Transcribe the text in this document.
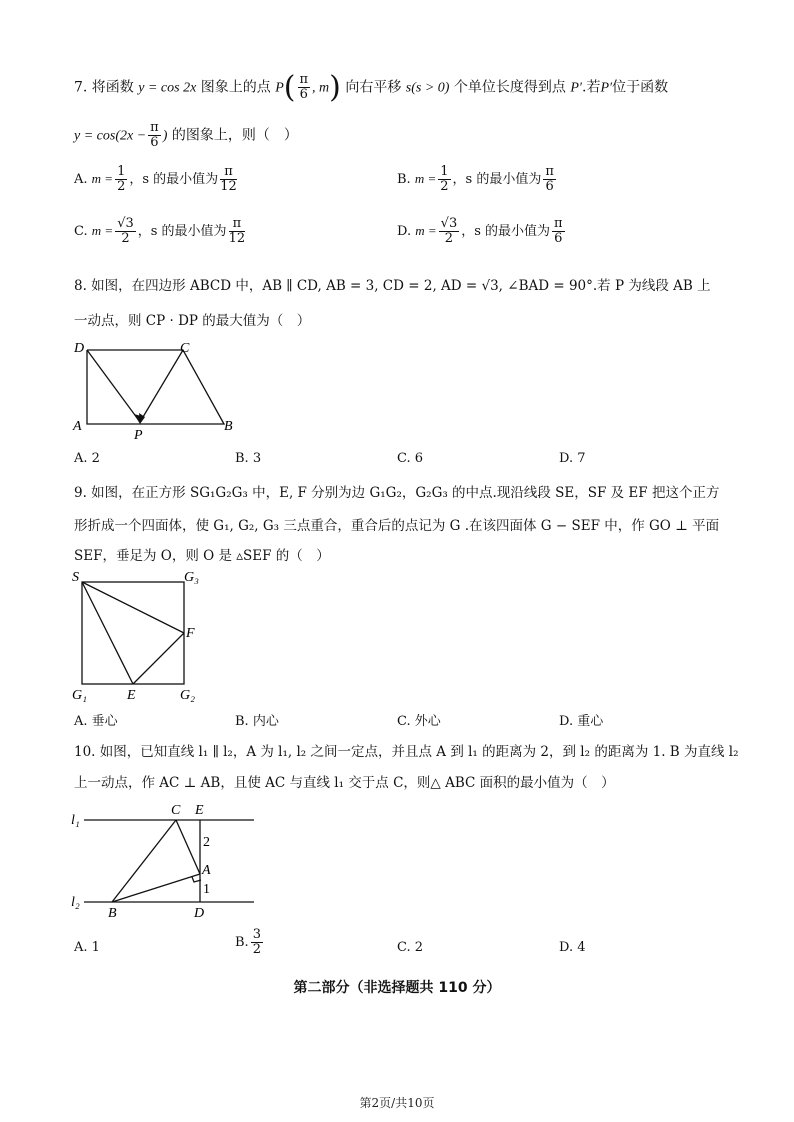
7. 将函数 y = cos 2x 图象上的点 $P( \frac{\pi}{6}$ , m) 向右平移 s(s > 0) 个单位长度得到点 P′.若P′位于函数
$y = \cos(2x - \frac{\pi}{6}$ ) 的图象上，则（　）
A. $m = \frac{1}{2}$ ，s 的最小值为 $\frac{\pi}{12}$	B. $m = \frac{1}{2}$ ，s 的最小值为 $\frac{\pi}{6}$
C. $m = \frac{√3}{2}$ ，s 的最小值为 $\frac{\pi}{12}$	D. $m = \frac{√3}{2}$ ，s 的最小值为 $\frac{\pi}{6}$
8. 如图，在四边形 ABCD 中，AB ∥ CD, AB = 3, CD = 2, AD = √3, ∠BAD = 90°.若 P 为线段 AB 上
一动点，则 CP · DP 的最大值为（　）
D	C
A	B
P
A. 2	B. 3	C. 6	D. 7
9. 如图，在正方形 SG₁G₂G₃ 中，E, F 分别为边 G₁G₂，G₂G₃ 的中点.现沿线段 SE，SF 及 EF 把这个正方
形折成一个四面体，使 G₁, G₂, G₃ 三点重合，重合后的点记为 G .在该四面体 G − SEF 中，作 GO ⊥ 平面
SEF，垂足为 O，则 O 是 ▵SEF 的（　）
S	G₃
F
G₁	E	G₂
A. 垂心	B. 内心	C. 外心	D. 重心
10. 如图，已知直线 l₁ ∥ l₂，A 为 l₁, l₂ 之间一定点，并且点 A 到 l₁ 的距离为 2，到 l₂ 的距离为 1. B 为直线 l₂
上一动点，作 AC ⊥ AB，且使 AC 与直线 l₁ 交于点 C，则△ ABC 面积的最小值为（　）
C E
l₁
2
A
1
l₂
B	D
A. 1	B. $\frac{3}{2}$	C. 2	D. 4
第二部分（非选择题共 110 分）
第2页/共10页
